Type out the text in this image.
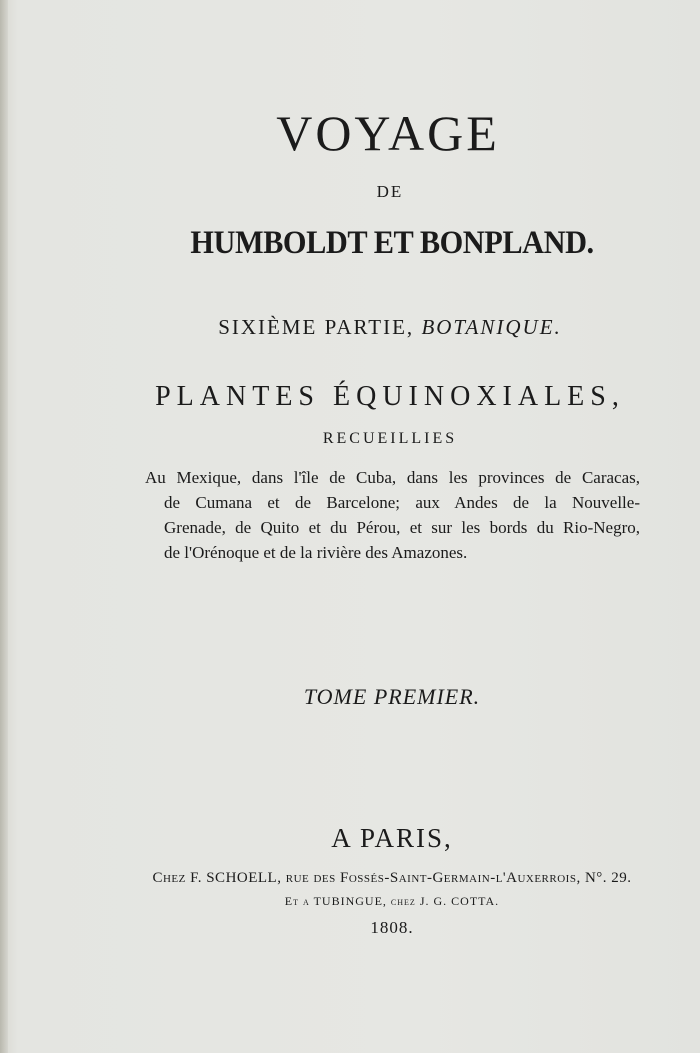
VOYAGE
DE
HUMBOLDT ET BONPLAND.
SIXIÈME PARTIE, BOTANIQUE.
PLANTES ÉQUINOXIALES,
RECUEILLIES
Au Mexique, dans l'île de Cuba, dans les provinces de Caracas,
de Cumana et de Barcelone; aux Andes de la Nouvelle-
Grenade, de Quito et du Pérou, et sur les bords du Rio-Negro,
de l'Orénoque et de la rivière des Amazones.
TOME PREMIER.
A PARIS,
Chez F. SCHOELL, rue des Fossés-Saint-Germain-l'Auxerrois, N°. 29.
Et a TUBINGUE, chez J. G. COTTA.
1808.
